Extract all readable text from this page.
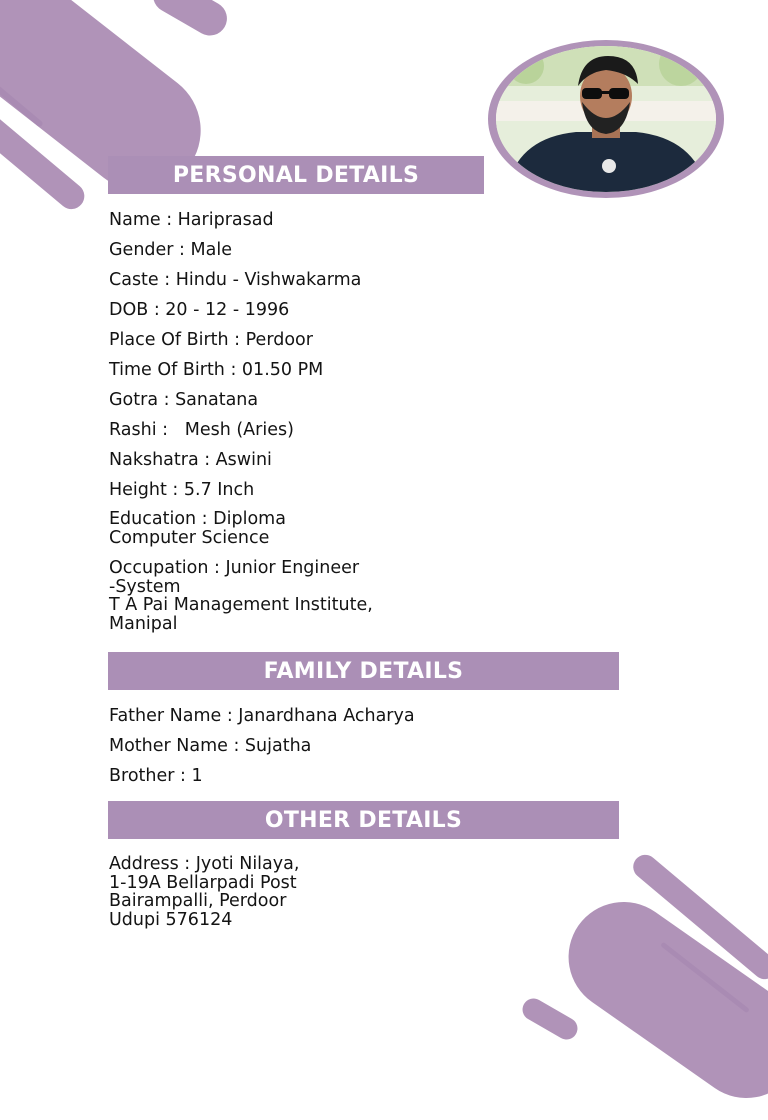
PERSONAL DETAILS

Name : Hariprasad

Gender : Male

Caste : Hindu - Vishwakarma

DOB : 20 - 12 - 1996

Place Of Birth : Perdoor

Time Of Birth : 01.50 PM

Gotra : Sanatana

Rashi :   Mesh (Aries)

Nakshatra : Aswini

Height : 5.7 Inch

Education : Diploma

Computer Science

Occupation : Junior Engineer

-System

T A Pai Management Institute,

Manipal

FAMILY DETAILS

Father Name : Janardhana Acharya

Mother Name : Sujatha

Brother : 1

OTHER DETAILS

Address : Jyoti Nilaya,

1-19A Bellarpadi Post

Bairampalli, Perdoor

Udupi 576124
